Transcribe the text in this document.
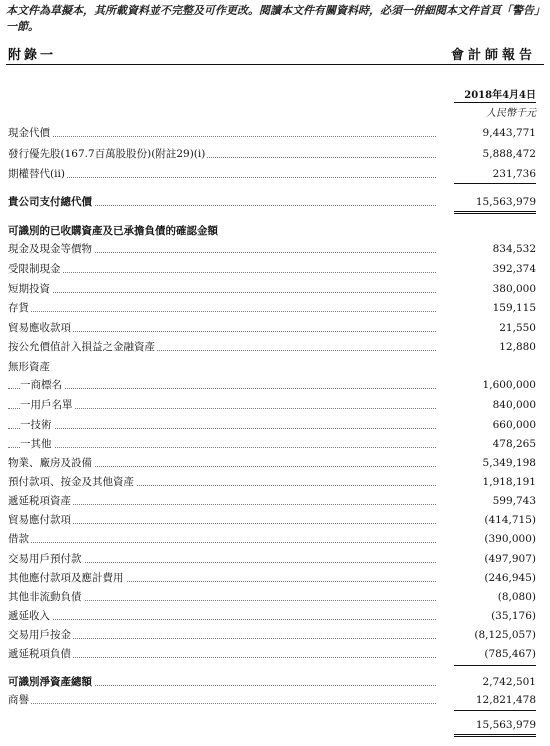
本文件為草擬本，其所載資料並不完整及可作更改。閱讀本文件有關資料時，必須一併細閱本文件首頁「警告」一節。
附錄一	會計師報告
2018年4月4日
人民幣千元
現金代價	9,443,771
發行優先股(167.7百萬股股份)(附註29)(i)	5,888,472
期權替代(ii)	231,736
貴公司支付總代價	15,563,979
可識別的已收購資產及已承擔負債的確認金額
現金及現金等價物	834,532
受限制現金	392,374
短期投資	380,000
存貨	159,115
貿易應收款項	21,550
按公允價值計入損益之金融資產	12,880
無形資產
一商標名	1,600,000
一用戶名單	840,000
一技術	660,000
一其他	478,265
物業、廠房及設備	5,349,198
預付款項、按金及其他資產	1,918,191
遞延税項資產	599,743
貿易應付款項	(414,715)
借款	(390,000)
交易用戶預付款	(497,907)
其他應付款項及應計費用	(246,945)
其他非流動負債	(8,080)
遞延收入	(35,176)
交易用戶按金	(8,125,057)
遞延税項負債	(785,467)
可識別淨資產總額	2,742,501
商譽	12,821,478
15,563,979
